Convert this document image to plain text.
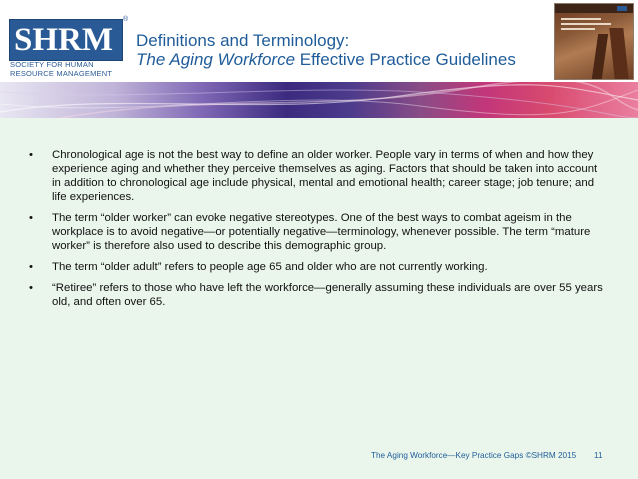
SHRM
®
SOCIETY FOR HUMAN
RESOURCE MANAGEMENT
Definitions and Terminology:
The Aging Workforce Effective Practice Guidelines
• Chronological age is not the best way to define an older worker. People vary in terms of when and how they experience aging and whether they perceive themselves as aging. Factors that should be taken into account in addition to chronological age include physical, mental and emotional health; career stage; job tenure; and life experiences.
• The term “older worker” can evoke negative stereotypes. One of the best ways to combat ageism in the workplace is to avoid negative—or potentially negative—terminology, whenever possible. The term “mature worker” is therefore also used to describe this demographic group.
• The term “older adult” refers to people age 65 and older who are not currently working.
• “Retiree” refers to those who have left the workforce—generally assuming these individuals are over 55 years old, and often over 65.
The Aging Workforce—Key Practice Gaps ©SHRM 2015 11
